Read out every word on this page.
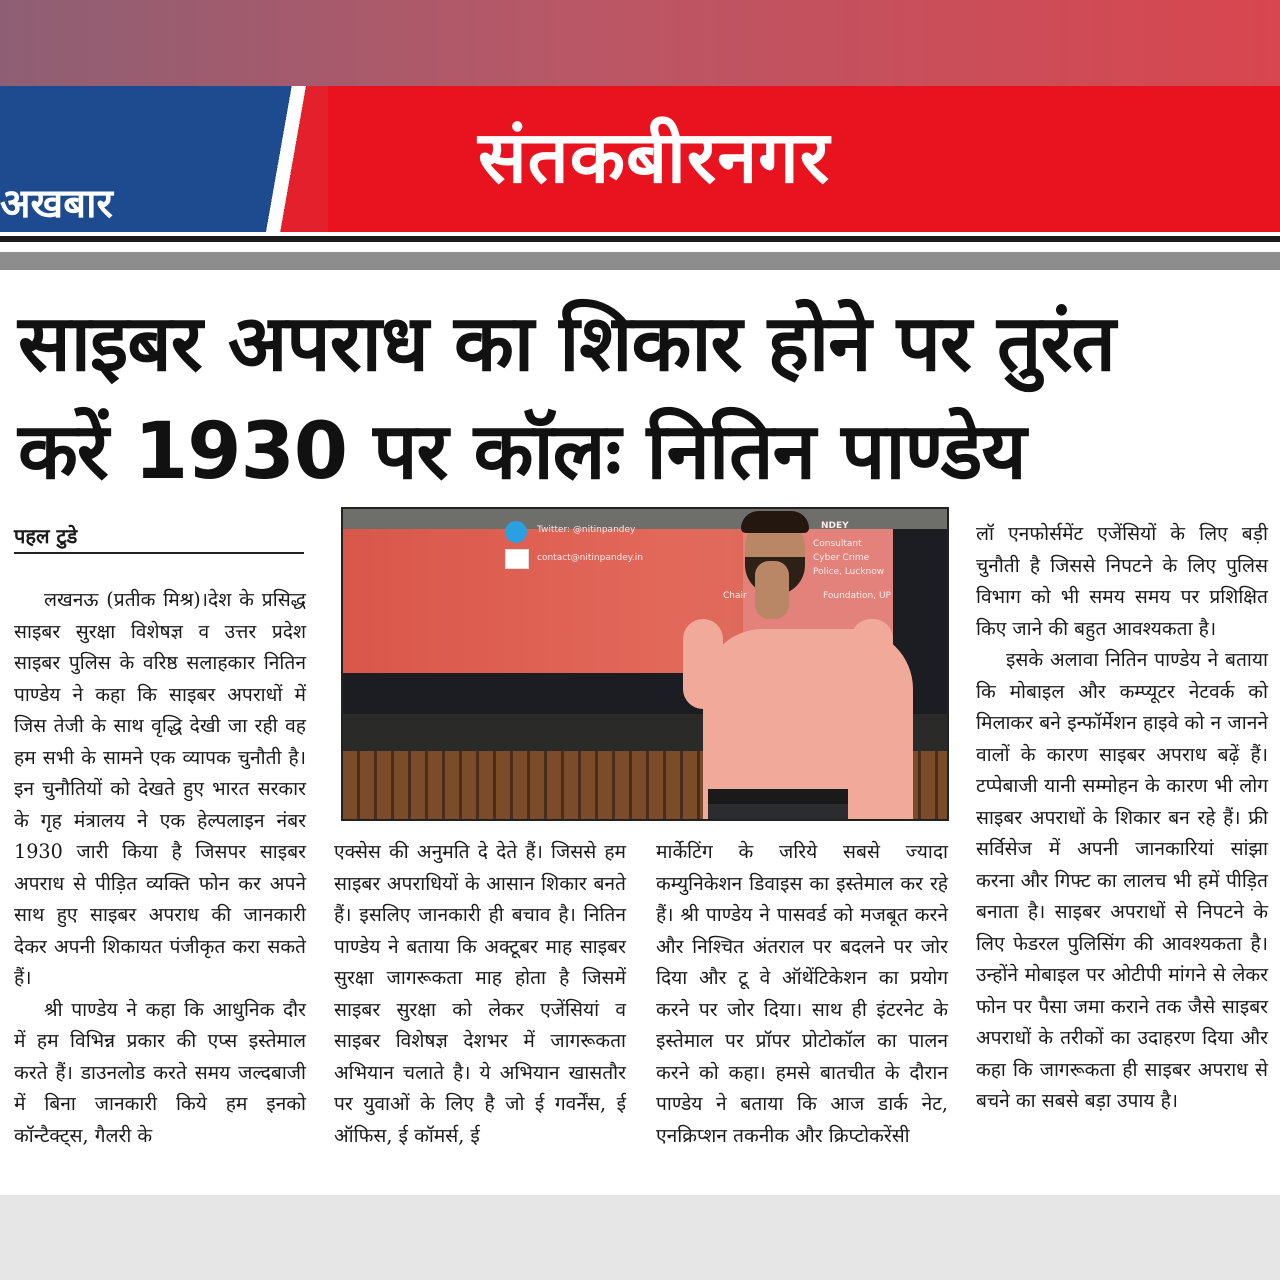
अखबार
संतकबीरनगर
साइबर अपराध का शिकार होने पर तुरंत
करें 1930 पर कॉलः नितिन पाण्डेय
पहल टुडे

लखनऊ (प्रतीक मिश्र)।देश के प्रसिद्ध साइबर सुरक्षा विशेषज्ञ व उत्तर प्रदेश साइबर पुलिस के वरिष्ठ सलाहकार नितिन पाण्डेय ने कहा कि साइबर अपराधों में जिस तेजी के साथ वृद्धि देखी जा रही वह हम सभी के सामने एक व्यापक चुनौती है। इन चुनौतियों को देखते हुए भारत सरकार के गृह मंत्रालय ने एक हेल्पलाइन नंबर 1930 जारी किया है जिसपर साइबर अपराध से पीड़ित व्यक्ति फोन कर अपने साथ हुए साइबर अपराध की जानकारी देकर अपनी शिकायत पंजीकृत करा सकते हैं।

श्री पाण्डेय ने कहा कि आधुनिक दौर में हम विभिन्न प्रकार की एप्स इस्तेमाल करते हैं। डाउनलोड करते समय जल्दबाजी में बिना जानकारी किये हम इनको कॉन्टैक्ट्स, गैलरी के

Twitter: @nitinpandey
contact@nitinpandey.in
NDEY
Consultant
Cyber Crime
Police, Lucknow
Chair	Foundation, UP

एक्सेस की अनुमति दे देते हैं। जिससे हम साइबर अपराधियों के आसान शिकार बनते हैं। इसलिए जानकारी ही बचाव है। नितिन पाण्डेय ने बताया कि अक्टूबर माह साइबर सुरक्षा जागरूकता माह होता है जिसमें साइबर सुरक्षा को लेकर एजेंसियां व साइबर विशेषज्ञ देशभर में जागरूकता अभियान चलाते है। ये अभियान खासतौर पर युवाओं के लिए है जो ई गवर्नेंस, ई ऑफिस, ई कॉमर्स, ई

मार्केटिंग के जरिये सबसे ज्यादा कम्युनिकेशन डिवाइस का इस्तेमाल कर रहे हैं। श्री पाण्डेय ने पासवर्ड को मजबूत करने और निश्चित अंतराल पर बदलने पर जोर दिया और टू वे ऑथेंटिकेशन का प्रयोग करने पर जोर दिया। साथ ही इंटरनेट के इस्तेमाल पर प्रॉपर प्रोटोकॉल का पालन करने को कहा। हमसे बातचीत के दौरान पाण्डेय ने बताया कि आज डार्क नेट, एनक्रिप्शन तकनीक और क्रिप्टोकरेंसी

लॉ एनफोर्समेंट एजेंसियों के लिए बड़ी चुनौती है जिससे निपटने के लिए पुलिस विभाग को भी समय समय पर प्रशिक्षित किए जाने की बहुत आवश्यकता है।

इसके अलावा नितिन पाण्डेय ने बताया कि मोबाइल और कम्प्यूटर नेटवर्क को मिलाकर बने इन्फॉर्मेशन हाइवे को न जानने वालों के कारण साइबर अपराध बढ़ें हैं। टप्पेबाजी यानी सम्मोहन के कारण भी लोग साइबर अपराधों के शिकार बन रहे हैं। फ्री सर्विसेज में अपनी जानकारियां सांझा करना और गिफ्ट का लालच भी हमें पीड़ित बनाता है। साइबर अपराधों से निपटने के लिए फेडरल पुलिसिंग की आवश्यकता है। उन्होंने मोबाइल पर ओटीपी मांगने से लेकर फोन पर पैसा जमा कराने तक जैसे साइबर अपराधों के तरीकों का उदाहरण दिया और कहा कि जागरूकता ही साइबर अपराध से बचने का सबसे बड़ा उपाय है।
